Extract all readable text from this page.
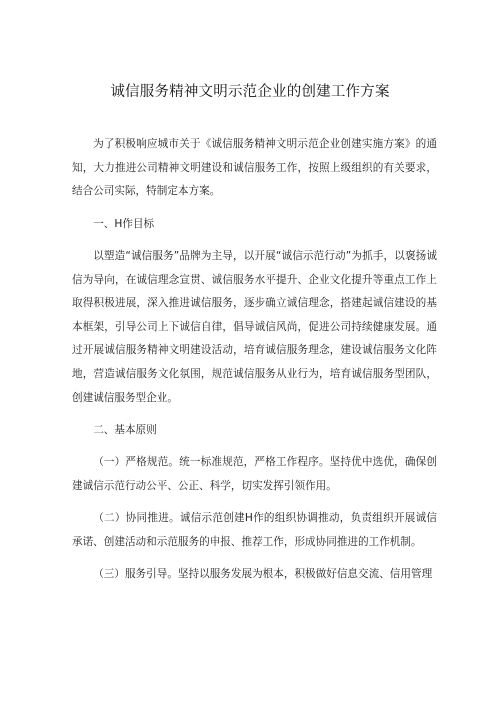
诚信服务精神文明示范企业的创建工作方案

为了积极响应城市关于《诚信服务精神文明示范企业创建实施方案》的通知，大力推进公司精神文明建设和诚信服务工作，按照上级组织的有关要求，结合公司实际，特制定本方案。

一、H作目标

以塑造“诚信服务”品牌为主导，以开展“诚信示范行动”为抓手，以褒扬诚信为导向，在诚信理念宣贯、诚信服务水平提升、企业文化提升等重点工作上取得积极进展，深入推进诚信服务，逐步确立诚信理念，搭建起诚信建设的基本框架，引导公司上下诚信自律，倡导诚信风尚，促进公司持续健康发展。通过开展诚信服务精神文明建设活动，培育诚信服务理念，建设诚信服务文化阵地，营造诚信服务文化氛围，规范诚信服务从业行为，培育诚信服务型团队，创建诚信服务型企业。

二、基本原则

（一）严格规范。统一标准规范，严格工作程序。坚持优中选优，确保创建诚信示范行动公平、公正、科学，切实发挥引领作用。

（二）协同推进。诚信示范创建H作的组织协调推动，负责组织开展诚信承诺、创建活动和示范服务的申报、推荐工作，形成协同推进的工作机制。

（三）服务引导。坚持以服务发展为根本，积极做好信息交流、信用管理
